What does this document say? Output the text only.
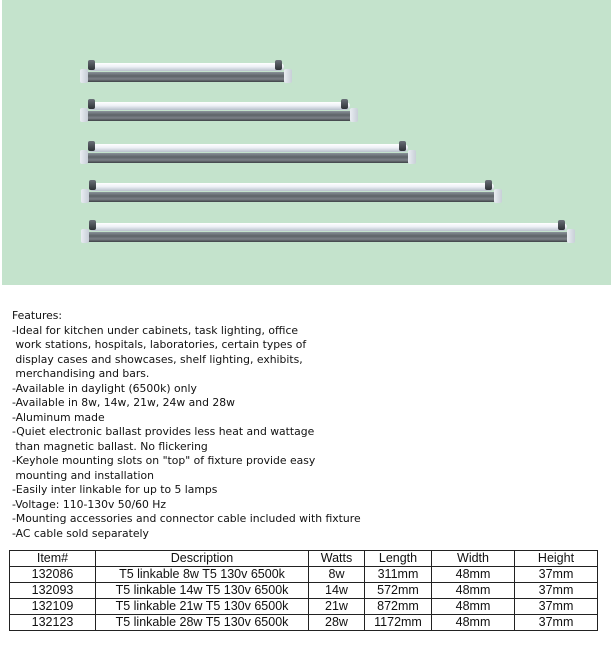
Features:
-Ideal for kitchen under cabinets, task lighting, office
work stations, hospitals, laboratories, certain types of
display cases and showcases, shelf lighting, exhibits,
merchandising and bars.
-Available in daylight (6500k) only
-Available in 8w, 14w, 21w, 24w and 28w
-Aluminum made
-Quiet electronic ballast provides less heat and wattage
than magnetic ballast. No flickering
-Keyhole mounting slots on "top" of fixture provide easy
mounting and installation
-Easily inter linkable for up to 5 lamps
-Voltage: 110-130v 50/60 Hz
-Mounting accessories and connector cable included with fixture
-AC cable sold separately
Item#	Description	Watts	Length	Width	Height
132086	T5 linkable 8w T5 130v 6500k	8w	311mm	48mm	37mm
132093	T5 linkable 14w T5 130v 6500k	14w	572mm	48mm	37mm
132109	T5 linkable 21w T5 130v 6500k	21w	872mm	48mm	37mm
132123	T5 linkable 28w T5 130v 6500k	28w	1172mm	48mm	37mm
